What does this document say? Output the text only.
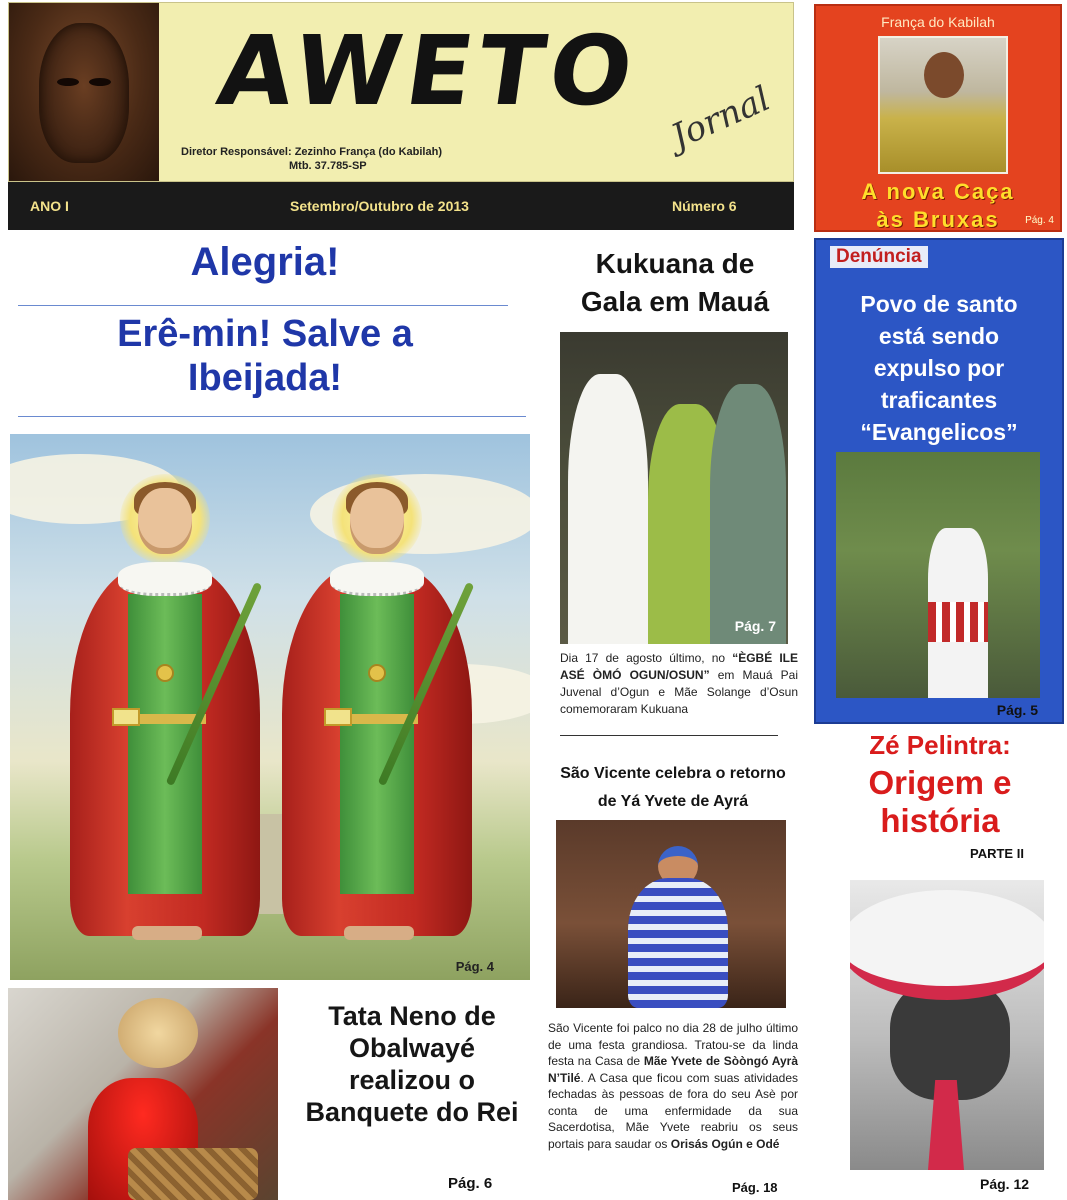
AWETO Jornal
Diretor Responsável: Zezinho França (do Kabilah)
Mtb. 37.785-SP
ANO I	Setembro/Outubro de 2013	Número 6
França do Kabilah
A nova Caça
às Bruxas	Pág. 4
Alegria!
Erê-min! Salve a
Ibeijada!
Pág. 4
Tata Neno de Obalwayé realizou o Banquete do Rei
Pág. 6
Kukuana de
Gala em Mauá
Pág. 7
Dia 17 de agosto último, no “ÈGBÉ ILE ASÉ ÒMÓ OGUN/OSUN” em Mauá Pai Juvenal d’Ogun e Mãe Solange d’Osun comemoraram Kukuana
São Vicente celebra o retorno
de Yá Yvete de Ayrá
São Vicente foi palco no dia 28 de julho último de uma festa grandiosa. Tratou-se da linda festa na Casa de Mãe Yvete de Sòòngó Ayrà N’Tilé. A Casa que ficou com suas atividades fechadas às pessoas de fora do seu Asè por conta de uma enfermidade da sua Sacerdotisa, Mãe Yvete reabriu os seus portais para saudar os Orisás Ogún e Odé
Pág. 18
Denúncia
Povo de santo
está sendo
expulso por
traficantes
“Evangelicos”
Pág. 5
Zé Pelintra:
Origem e
história
PARTE II
Pág. 12
